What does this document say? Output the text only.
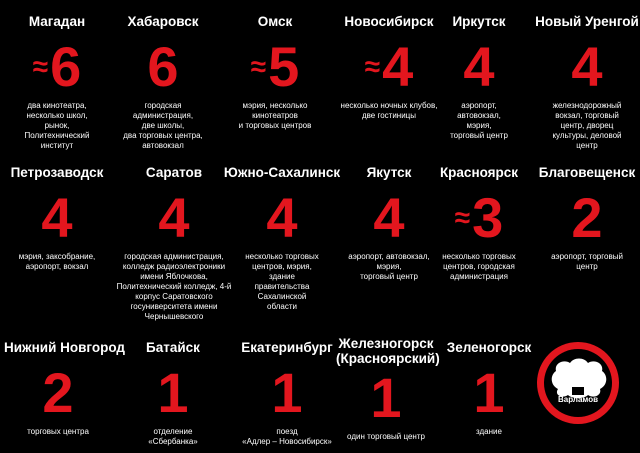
Магадан
≈ 6
два кинотеатра,
несколько школ,
рынок,
Политехнический
институт
Хабаровск
6
городская
администрация,
две школы,
два торговых центра,
автовокзал
Омск
≈ 5
мэрия, несколько
кинотеатров
и торговых центров
Новосибирск
≈ 4
несколько ночных клубов,
две гостиницы
Иркутск
4
аэропорт,
автовокзал,
мэрия,
торговый центр
Новый Уренгой
4
железнодорожный
вокзал, торговый
центр, дворец
культуры, деловой
центр
Петрозаводск
4
мэрия, заксобрание,
аэропорт, вокзал
Саратов
4
городская администрация,
колледж радиоэлектроники
имени Яблочкова,
Политехнический колледж, 4-й
корпус Саратовского
госуниверситета имени
Чернышевского
Южно-Сахалинск
4
несколько торговых
центров, мэрия,
здание
правительства
Сахалинской
области
Якутск
4
аэропорт, автовокзал,
мэрия,
торговый центр
Красноярск
≈ 3
несколько торговых
центров, городская
администрация
Благовещенск
2
аэропорт, торговый
центр
Нижний Новгород
2
торговых центра
Батайск
1
отделение
«Сбербанка»
Екатеринбург
1
поезд
«Адлер – Новосибирск»
Железногорск
(Красноярский)
1
один торговый центр
Зеленогорск
1
здание
Варламов
